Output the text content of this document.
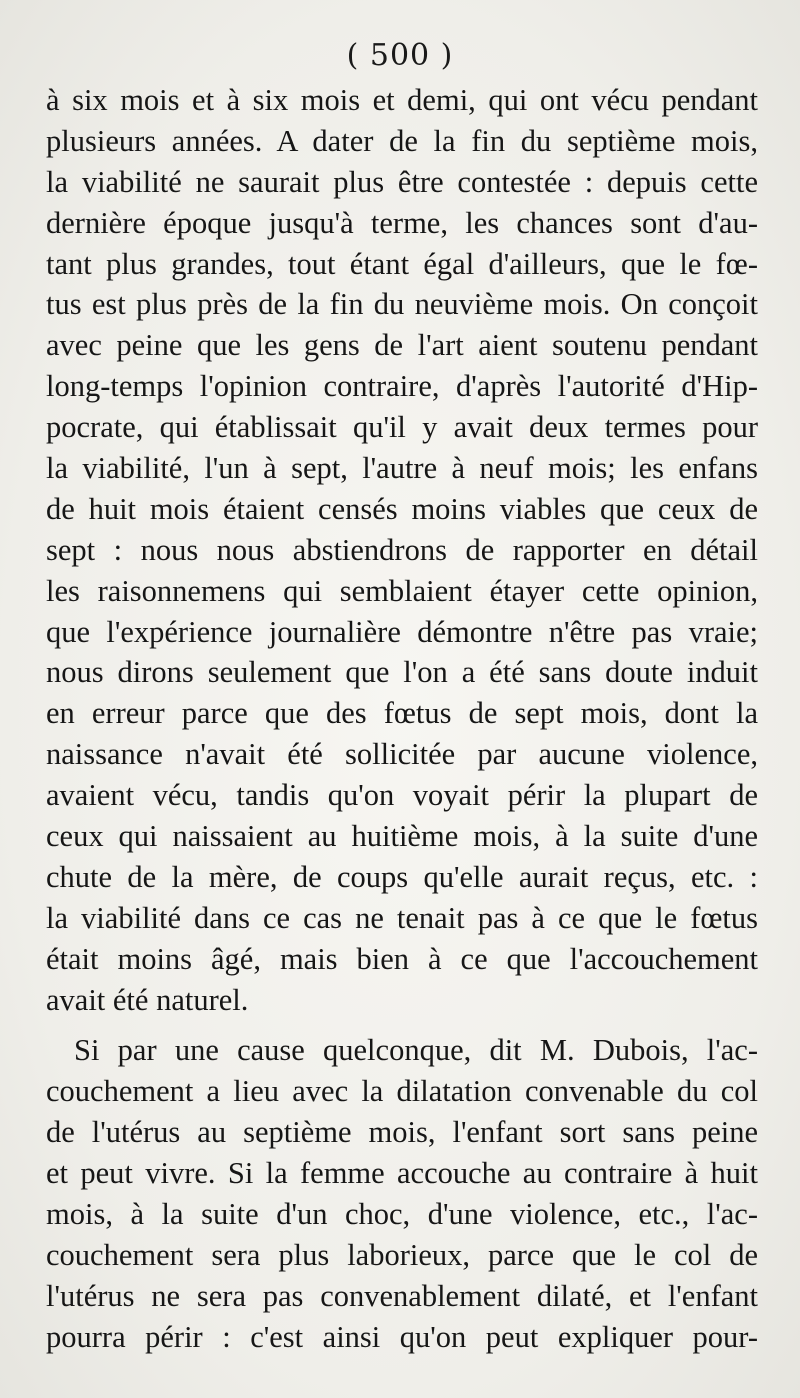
( 500 )
à six mois et à six mois et demi, qui ont vécu pendant
plusieurs années. A dater de la fin du septième mois,
la viabilité ne saurait plus être contestée : depuis cette
dernière époque jusqu'à terme, les chances sont d'au-
tant plus grandes, tout étant égal d'ailleurs, que le fœ-
tus est plus près de la fin du neuvième mois. On conçoit
avec peine que les gens de l'art aient soutenu pendant
long-temps l'opinion contraire, d'après l'autorité d'Hip-
pocrate, qui établissait qu'il y avait deux termes pour
la viabilité, l'un à sept, l'autre à neuf mois; les enfans
de huit mois étaient censés moins viables que ceux de
sept : nous nous abstiendrons de rapporter en détail
les raisonnemens qui semblaient étayer cette opinion,
que l'expérience journalière démontre n'être pas vraie;
nous dirons seulement que l'on a été sans doute induit
en erreur parce que des fœtus de sept mois, dont la
naissance n'avait été sollicitée par aucune violence,
avaient vécu, tandis qu'on voyait périr la plupart de
ceux qui naissaient au huitième mois, à la suite d'une
chute de la mère, de coups qu'elle aurait reçus, etc. :
la viabilité dans ce cas ne tenait pas à ce que le fœtus
était moins âgé, mais bien à ce que l'accouchement
avait été naturel.
Si par une cause quelconque, dit M. Dubois, l'ac-
couchement a lieu avec la dilatation convenable du col
de l'utérus au septième mois, l'enfant sort sans peine
et peut vivre. Si la femme accouche au contraire à huit
mois, à la suite d'un choc, d'une violence, etc., l'ac-
couchement sera plus laborieux, parce que le col de
l'utérus ne sera pas convenablement dilaté, et l'enfant
pourra périr : c'est ainsi qu'on peut expliquer pour-
